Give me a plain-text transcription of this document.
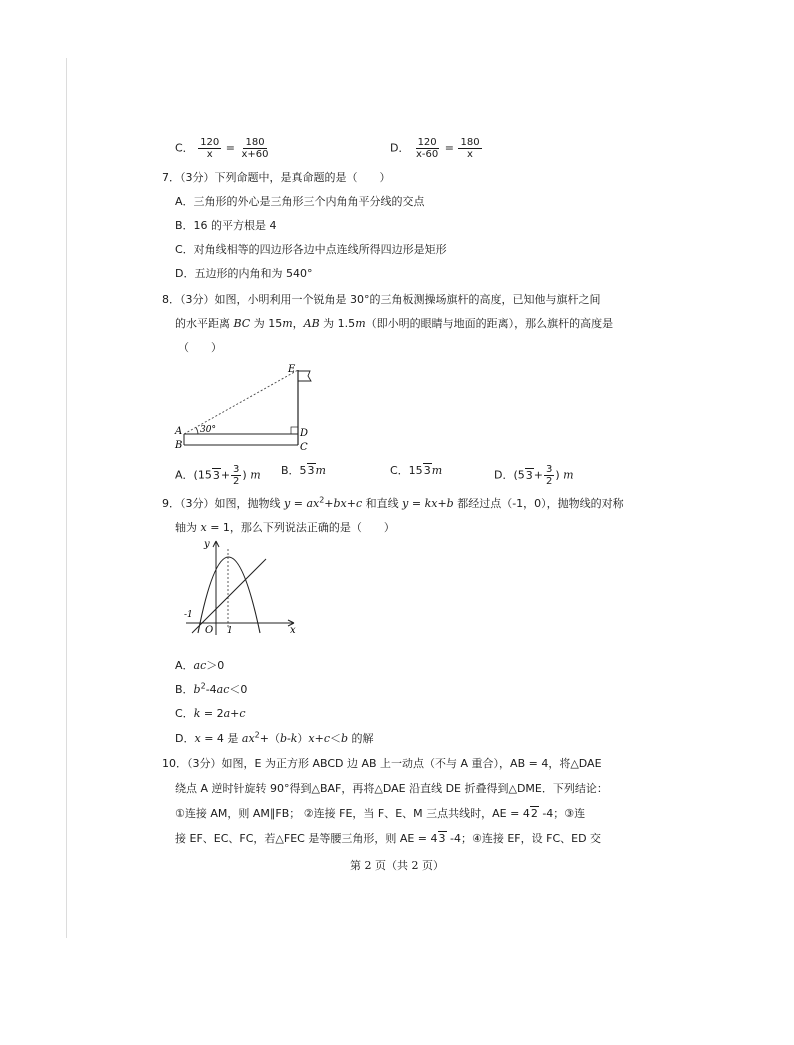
C． $\frac{120}{x} = \frac{180}{x+60}$	D． $\frac{120}{x-60} = \frac{180}{x}$
7．（3分）下列命题中，是真命题的是（　　）
A．三角形的外心是三角形三个内角角平分线的交点
B．16 的平方根是 4
C．对角线相等的四边形各边中点连线所得四边形是矩形
D．五边形的内角和为 540°
8．（3分）如图，小明利用一个锐角是 30°的三角板测操场旗杆的高度，已知他与旗杆之间
的水平距离 BC 为 15m，AB 为 1.5m（即小明的眼睛与地面的距离），那么旗杆的高度是
（　　）
E
A
B
D
C
30°
A．($153+ \frac{3}{2}$ ) m B．53m	C．153m	D．($53+ \frac{3}{2}$ ) m
9．（3分）如图，抛物线 $y = ax^2+bx+c$ 和直线 y = kx+b 都经过点（-1，0），抛物线的对称
轴为 x = 1，那么下列说法正确的是（　　）
y
x
O
-1
1
A．ac＞0
B．$b^2-4ac<0$
C．k = 2a+c
D．x = 4 是 $ax^2+(b-k)x+c<b$ 的解
10．（3分）如图，E 为正方形 ABCD 边 AB 上一动点（不与 A 重合），AB = 4，将△DAE
绕点 A 逆时针旋转 90°得到△BAF，再将△DAE 沿直线 DE 折叠得到△DME．下列结论：
①连接 AM，则 AM∥FB； ②连接 FE，当 F、E、M 三点共线时，AE = 42 -4；③连
接 EF、EC、FC，若△FEC 是等腰三角形，则 AE = 43 -4；④连接 EF，设 FC、ED 交
第 2 页（共 2 页）
